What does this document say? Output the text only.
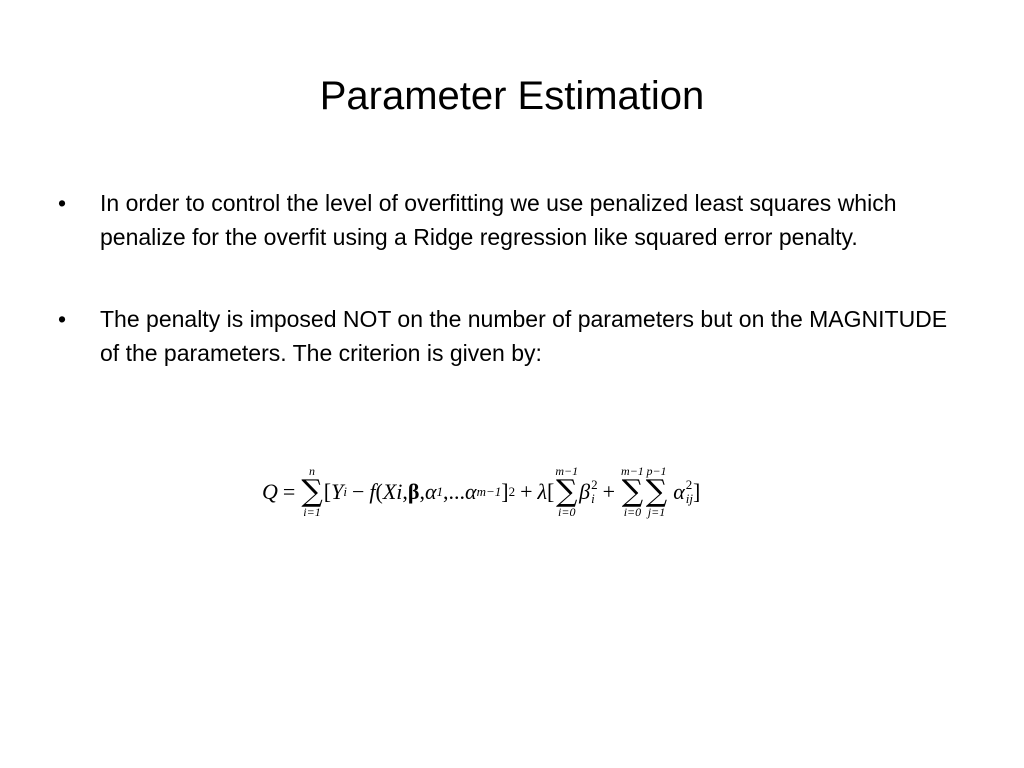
Parameter Estimation
•	In order to control the level of overfitting we use penalized least squares which penalize for the overfit using a Ridge regression like squared error penalty.
•	The penalty is imposed NOT on the number of parameters but on the MAGNITUDE of the parameters. The criterion is given by:
Q =
n
∑
i=1
[ Y i − f ( Xi , β , α 1 ,... α m−1 ] 2 + λ [
m−1
∑
i=0
β 2
i +
m−1
∑
i=0
p−1
∑
j=1
α 2
ij ]
